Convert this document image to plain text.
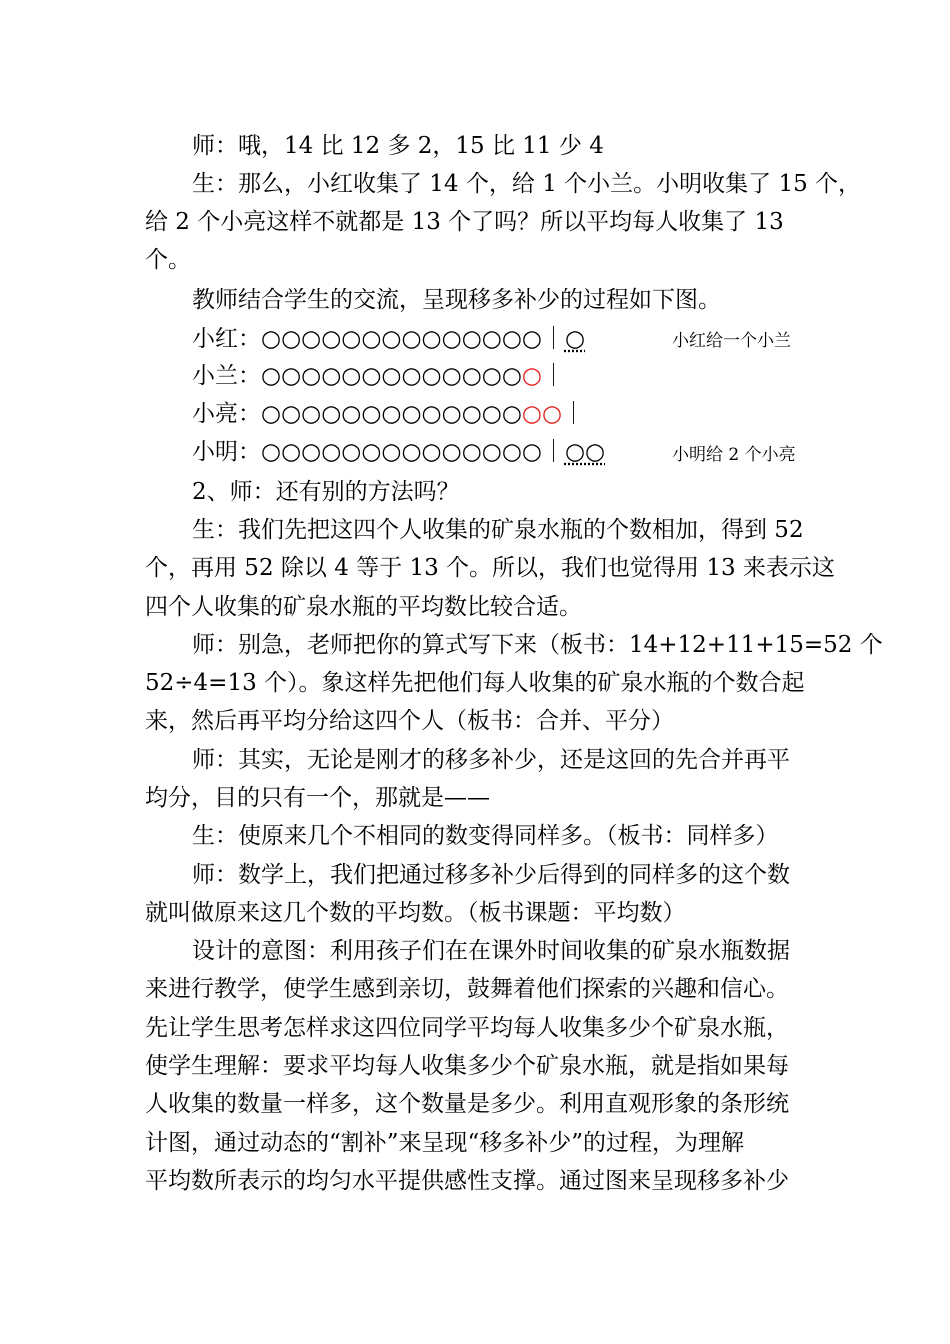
师：哦，14 比 12 多 2，15 比 11 少 4
生：那么，小红收集了 14 个，给 1 个小兰。小明收集了 15 个，
给 2 个小亮这样不就都是 13 个了吗？所以平均每人收集了 13
个。
教师结合学生的交流，呈现移多补少的过程如下图。
小红：○○○○○○○○○○○○○○｜○	小红给一个小兰
小兰：○○○○○○○○○○○○○○｜
小亮：○○○○○○○○○○○○○○○｜
小明：○○○○○○○○○○○○○○｜○○	小明给 2 个小亮
2、师：还有别的方法吗？
生：我们先把这四个人收集的矿泉水瓶的个数相加，得到 52
个，再用 52 除以 4 等于 13 个。所以，我们也觉得用 13 来表示这
四个人收集的矿泉水瓶的平均数比较合适。
师：别急，老师把你的算式写下来（板书：14+12+11+15=52 个
52÷4=13 个）。象这样先把他们每人收集的矿泉水瓶的个数合起
来，然后再平均分给这四个人（板书：合并、平分）
师：其实，无论是刚才的移多补少，还是这回的先合并再平
均分，目的只有一个，那就是——
生：使原来几个不相同的数变得同样多。（板书：同样多）
师：数学上，我们把通过移多补少后得到的同样多的这个数
就叫做原来这几个数的平均数。（板书课题：平均数）
设计的意图：利用孩子们在在课外时间收集的矿泉水瓶数据
来进行教学，使学生感到亲切，鼓舞着他们探索的兴趣和信心。
先让学生思考怎样求这四位同学平均每人收集多少个矿泉水瓶，
使学生理解：要求平均每人收集多少个矿泉水瓶，就是指如果每
人收集的数量一样多，这个数量是多少。利用直观形象的条形统
计图，通过动态的“割补”来呈现“移多补少”的过程，为理解
平均数所表示的均匀水平提供感性支撑。通过图来呈现移多补少
